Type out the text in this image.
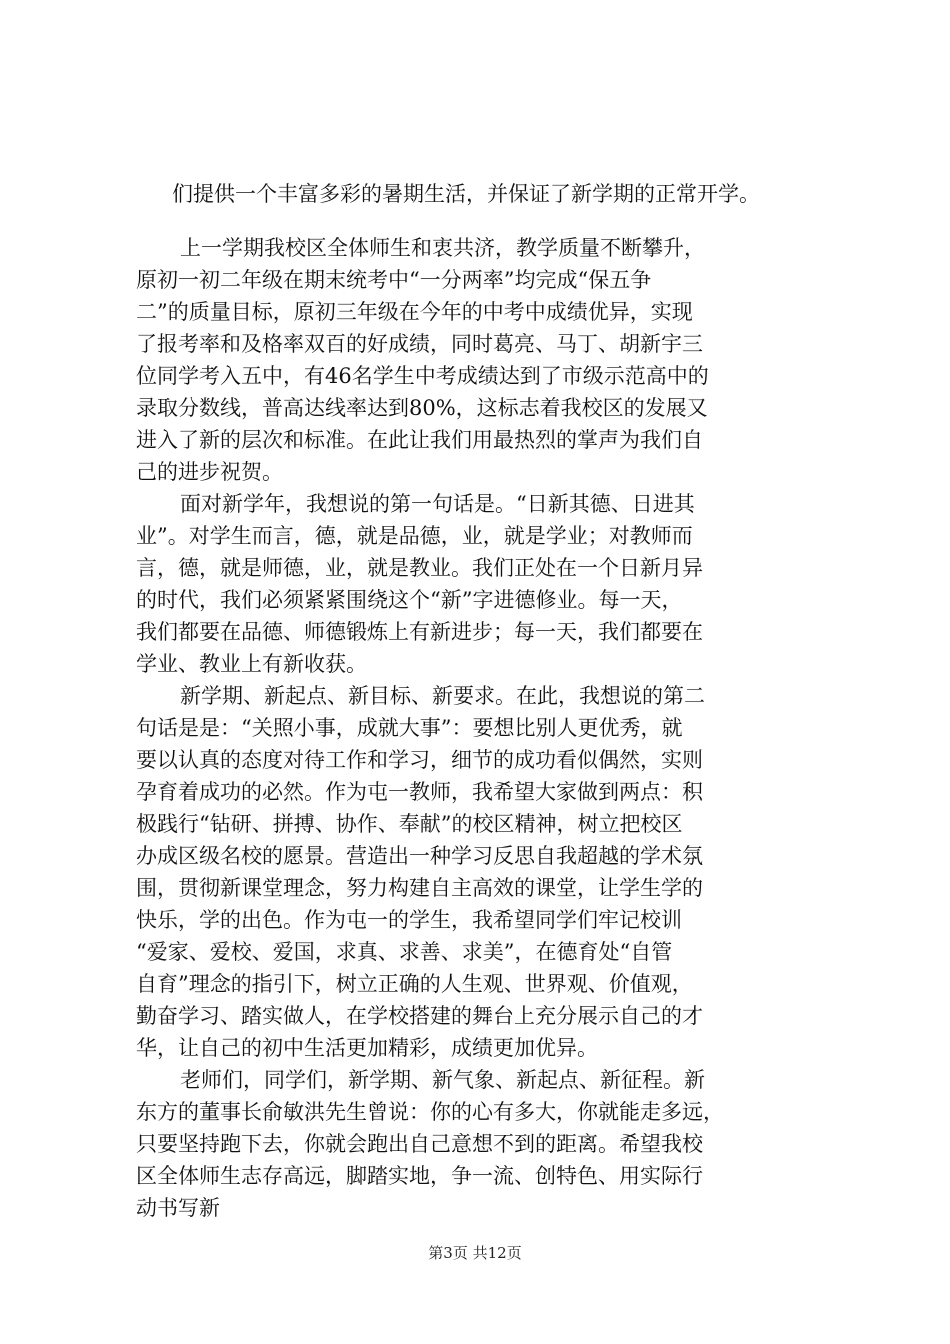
们提供一个丰富多彩的暑期生活，并保证了新学期的正常开学。
上一学期我校区全体师生和衷共济，教学质量不断攀升，
原初一初二年级在期末统考中“一分两率”均完成“保五争
二”的质量目标，原初三年级在今年的中考中成绩优异，实现
了报考率和及格率双百的好成绩，同时葛亮、马丁、胡新宇三
位同学考入五中，有46名学生中考成绩达到了市级示范高中的
录取分数线，普高达线率达到80%，这标志着我校区的发展又
进入了新的层次和标准。在此让我们用最热烈的掌声为我们自
己的进步祝贺。
面对新学年，我想说的第一句话是。“日新其德、日进其
业”。对学生而言，德，就是品德，业，就是学业；对教师而
言，德，就是师德，业，就是教业。我们正处在一个日新月异
的时代，我们必须紧紧围绕这个“新”字进德修业。每一天，
我们都要在品德、师德锻炼上有新进步；每一天，我们都要在
学业、教业上有新收获。
新学期、新起点、新目标、新要求。在此，我想说的第二
句话是是：“关照小事，成就大事”：要想比别人更优秀，就
要以认真的态度对待工作和学习，细节的成功看似偶然，实则
孕育着成功的必然。作为屯一教师，我希望大家做到两点：积
极践行“钻研、拼搏、协作、奉献”的校区精神，树立把校区
办成区级名校的愿景。营造出一种学习反思自我超越的学术氛
围，贯彻新课堂理念，努力构建自主高效的课堂，让学生学的
快乐，学的出色。作为屯一的学生，我希望同学们牢记校训
“爱家、爱校、爱国，求真、求善、求美”，在德育处“自管
自育”理念的指引下，树立正确的人生观、世界观、价值观，
勤奋学习、踏实做人，在学校搭建的舞台上充分展示自己的才
华，让自己的初中生活更加精彩，成绩更加优异。
老师们，同学们，新学期、新气象、新起点、新征程。新
东方的董事长俞敏洪先生曾说：你的心有多大，你就能走多远，
只要坚持跑下去，你就会跑出自己意想不到的距离。希望我校
区全体师生志存高远，脚踏实地，争一流、创特色、用实际行
动书写新
第3页 共12页
